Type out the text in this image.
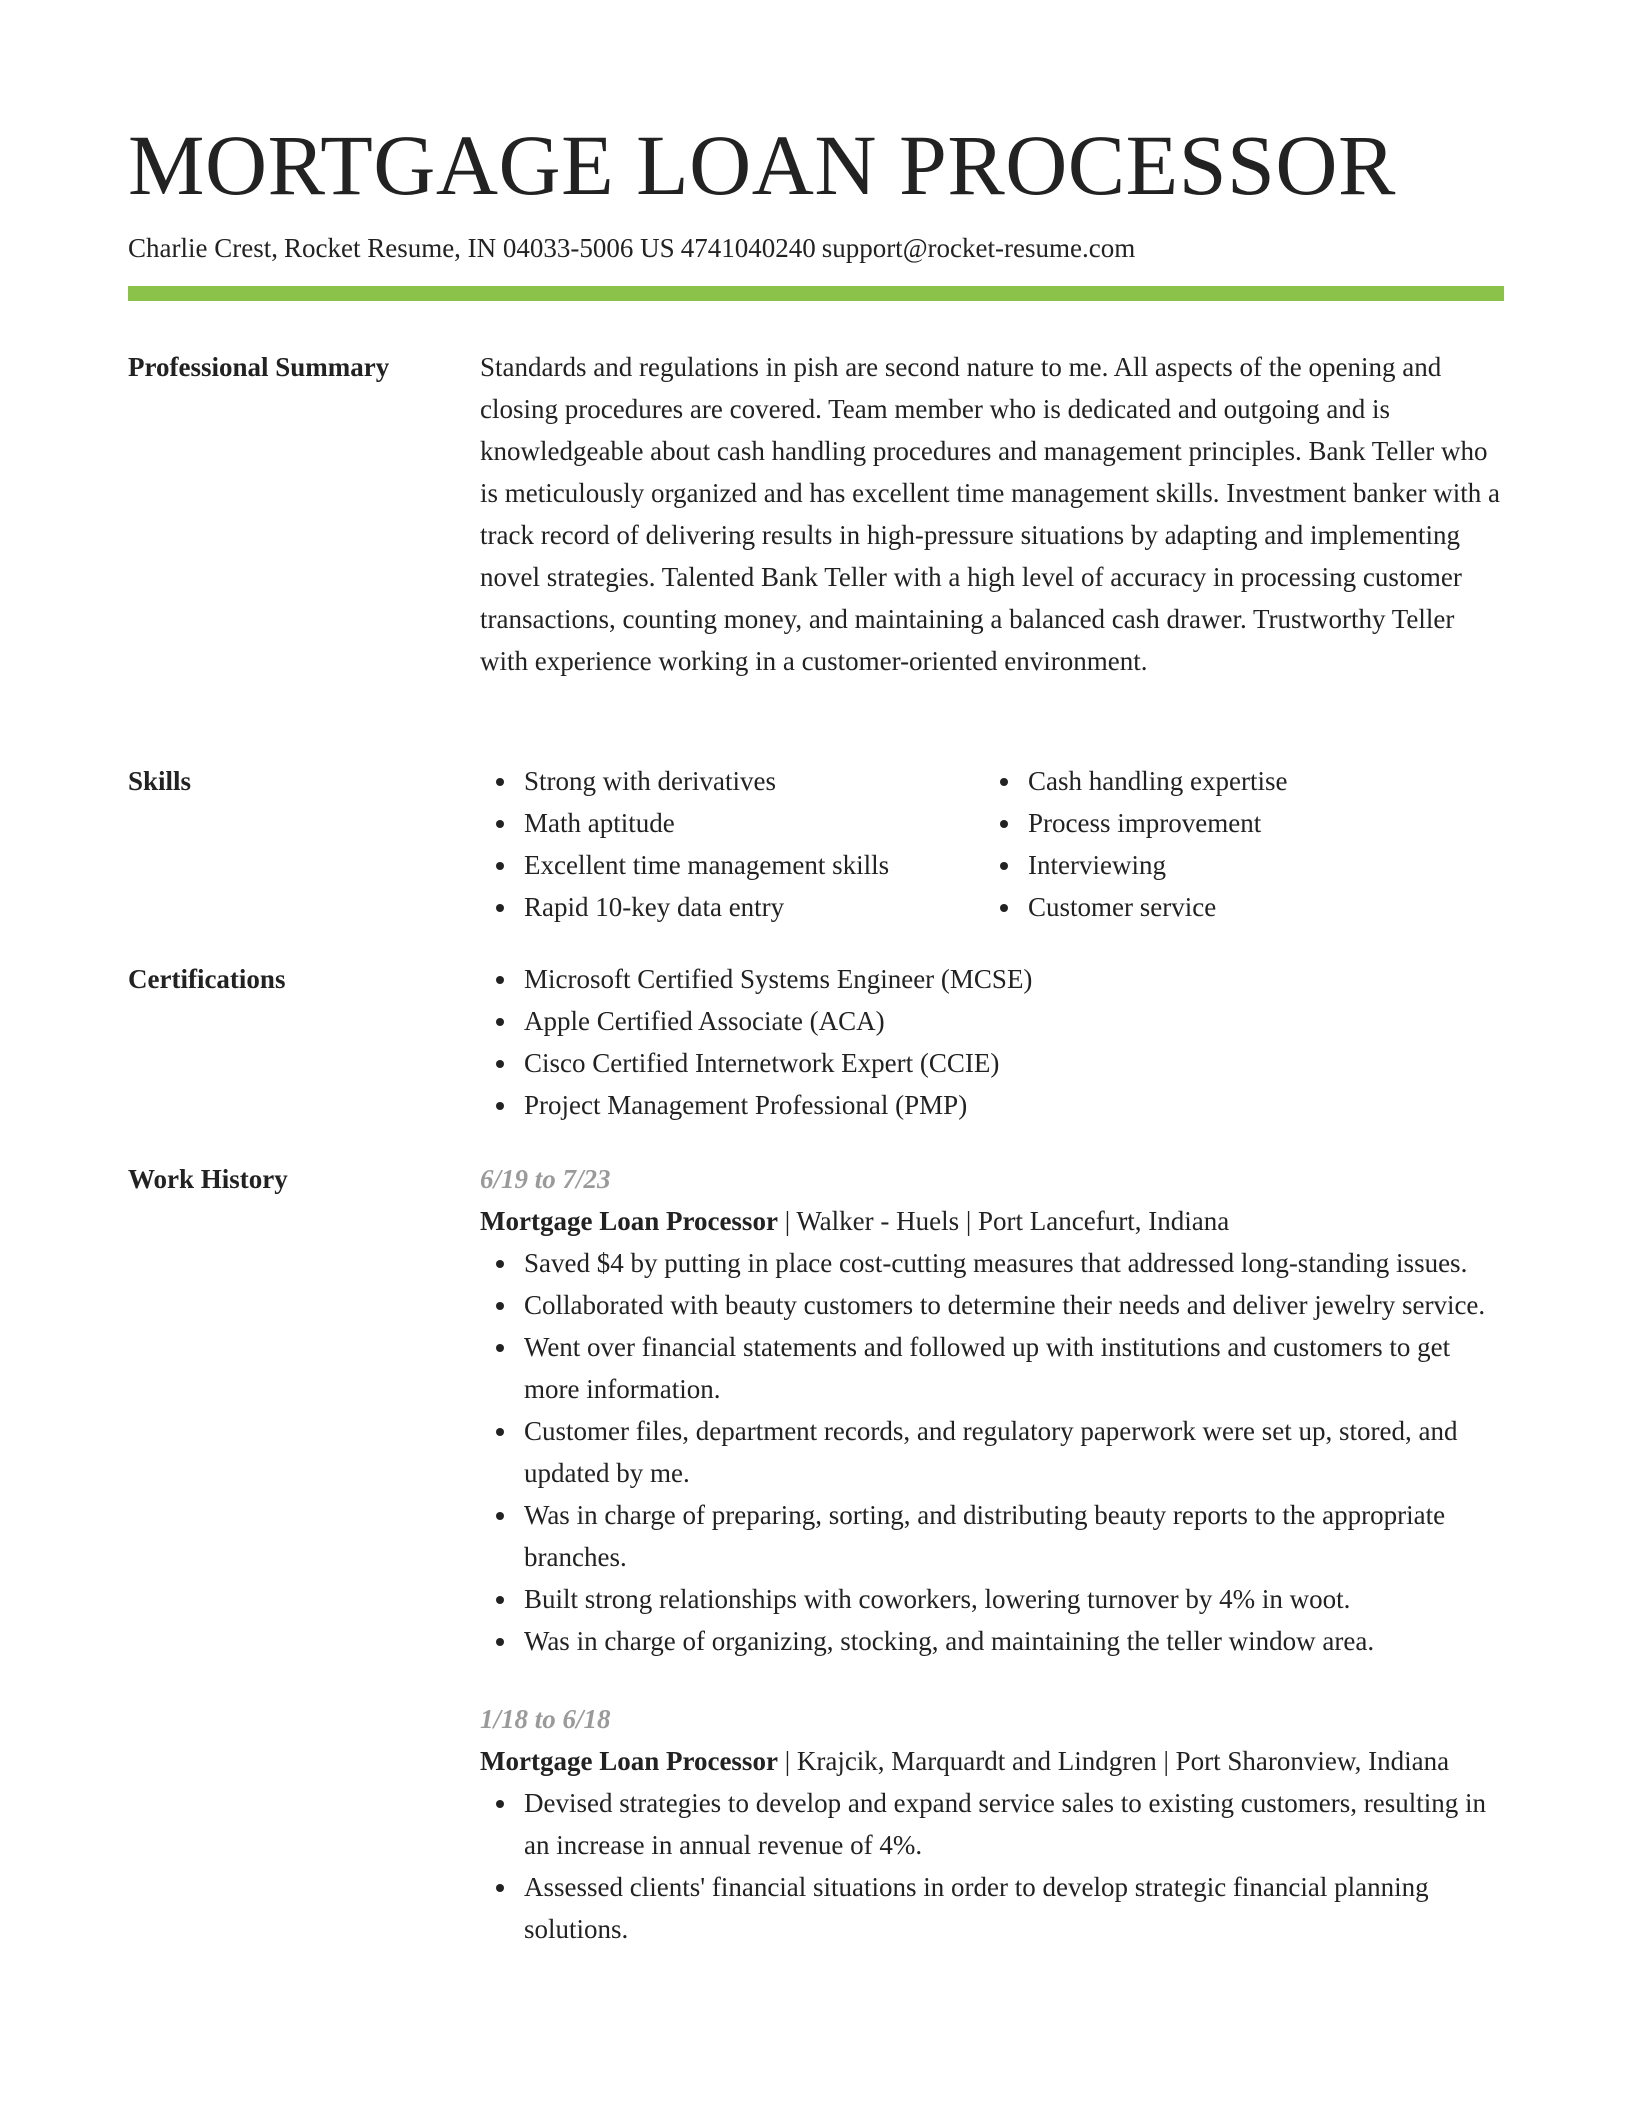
MORTGAGE LOAN PROCESSOR
Charlie Crest, Rocket Resume, IN 04033-5006 US 4741040240 support@rocket-resume.com
Professional Summary	Standards and regulations in pish are second nature to me. All aspects of the opening and closing procedures are covered. Team member who is dedicated and outgoing and is knowledgeable about cash handling procedures and management principles. Bank Teller who is meticulously organized and has excellent time management skills. Investment banker with a track record of delivering results in high-pressure situations by adapting and implementing novel strategies. Talented Bank Teller with a high level of accuracy in processing customer transactions, counting money, and maintaining a balanced cash drawer. Trustworthy Teller with experience working in a customer-oriented environment.

Skills	Strong with derivatives
Math aptitude
Excellent time management skills
Rapid 10-key data entry
Cash handling expertise
Process improvement
Interviewing
Customer service
Certifications	Microsoft Certified Systems Engineer (MCSE)
Apple Certified Associate (ACA)
Cisco Certified Internetwork Expert (CCIE)
Project Management Professional (PMP)
Work History	6/19 to 7/23
Mortgage Loan Processor | Walker - Huels | Port Lancefurt, Indiana
Saved $4 by putting in place cost-cutting measures that addressed long-standing issues.
Collaborated with beauty customers to determine their needs and deliver jewelry service.
Went over financial statements and followed up with institutions and customers to get more information.
Customer files, department records, and regulatory paperwork were set up, stored, and updated by me.
Was in charge of preparing, sorting, and distributing beauty reports to the appropriate branches.
Built strong relationships with coworkers, lowering turnover by 4% in woot.
Was in charge of organizing, stocking, and maintaining the teller window area.
1/18 to 6/18
Mortgage Loan Processor | Krajcik, Marquardt and Lindgren | Port Sharonview, Indiana
Devised strategies to develop and expand service sales to existing customers, resulting in an increase in annual revenue of 4%.
Assessed clients' financial situations in order to develop strategic financial planning solutions.
